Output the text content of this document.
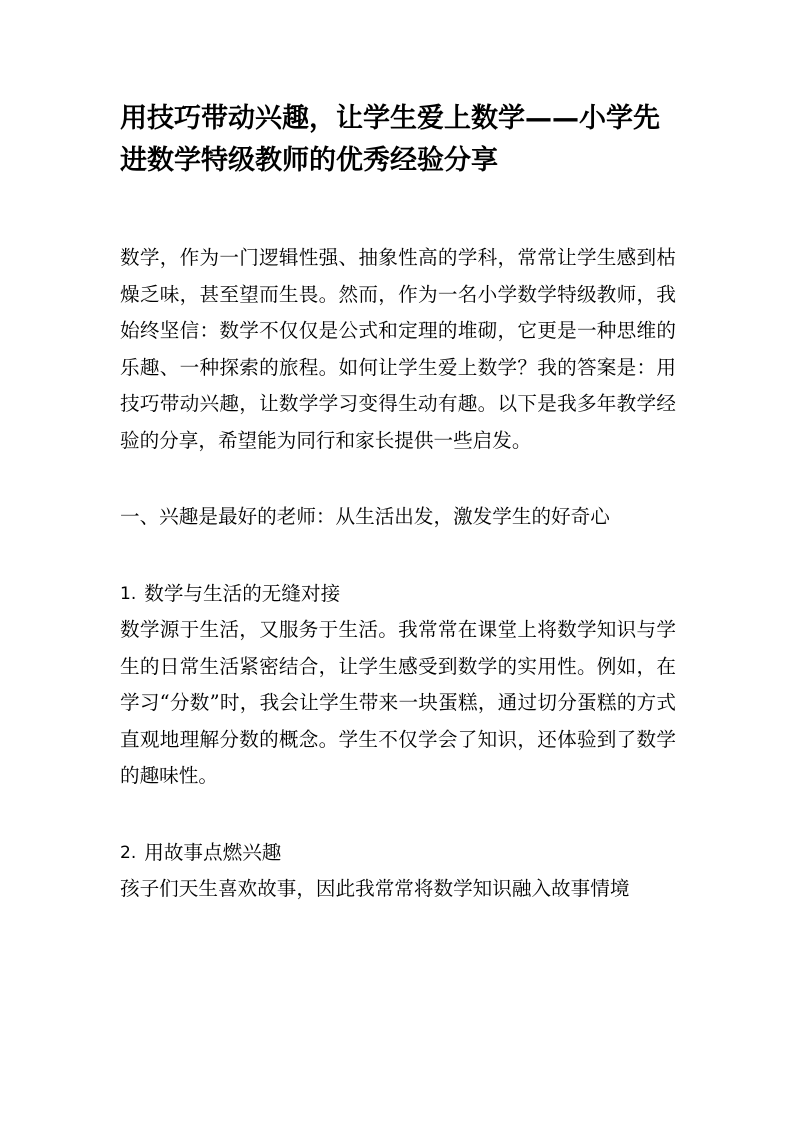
用技巧带动兴趣，让学生爱上数学——小学先进数学特级教师的优秀经验分享

数学，作为一门逻辑性强、抽象性高的学科，常常让学生感到枯燥乏味，甚至望而生畏。然而，作为一名小学数学特级教师，我始终坚信：数学不仅仅是公式和定理的堆砌，它更是一种思维的乐趣、一种探索的旅程。如何让学生爱上数学？我的答案是：用技巧带动兴趣，让数学学习变得生动有趣。以下是我多年教学经验的分享，希望能为同行和家长提供一些启发。

一、兴趣是最好的老师：从生活出发，激发学生的好奇心

1. 数学与生活的无缝对接

数学源于生活，又服务于生活。我常常在课堂上将数学知识与学生的日常生活紧密结合，让学生感受到数学的实用性。例如，在学习“分数”时，我会让学生带来一块蛋糕，通过切分蛋糕的方式直观地理解分数的概念。学生不仅学会了知识，还体验到了数学的趣味性。

2. 用故事点燃兴趣

孩子们天生喜欢故事，因此我常常将数学知识融入故事情境
